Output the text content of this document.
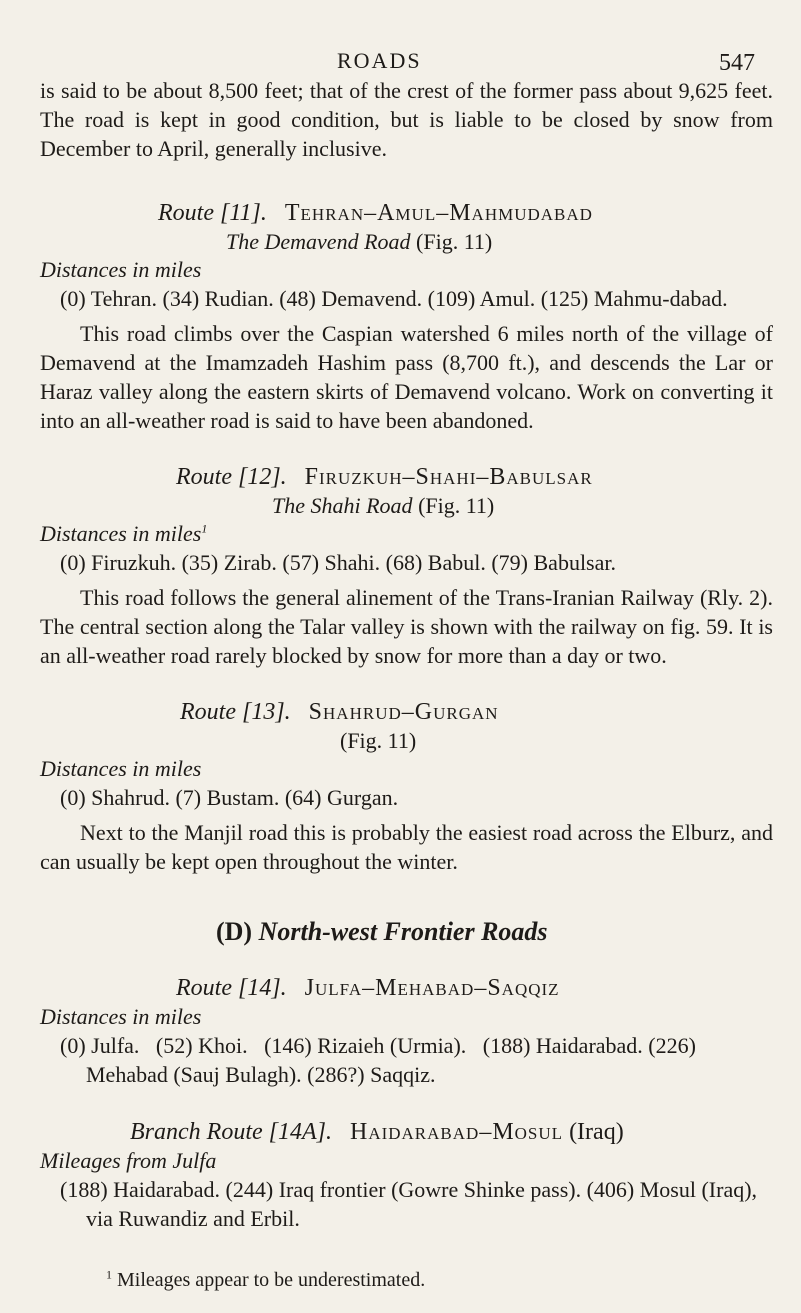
ROADS	547

is said to be about 8,500 feet; that of the crest of the former pass about 9,625 feet. The road is kept in good condition, but is liable to be closed by snow from December to April, generally inclusive.

Route [11]. Tehran–Amul–Mahmudabad

The Demavend Road (Fig. 11)

Distances in miles

(0) Tehran. (34) Rudian. (48) Demavend. (109) Amul. (125) Mahmu-dabad.

This road climbs over the Caspian watershed 6 miles north of the village of Demavend at the Imamzadeh Hashim pass (8,700 ft.), and descends the Lar or Haraz valley along the eastern skirts of Demavend volcano. Work on converting it into an all-weather road is said to have been abandoned.

Route [12]. Firuzkuh–Shahi–Babulsar

The Shahi Road (Fig. 11)

Distances in miles$^1$

(0) Firuzkuh. (35) Zirab. (57) Shahi. (68) Babul. (79) Babulsar.

This road follows the general alinement of the Trans-Iranian Railway (Rly. 2). The central section along the Talar valley is shown with the railway on fig. 59. It is an all-weather road rarely blocked by snow for more than a day or two.

Route [13]. Shahrud–Gurgan

(Fig. 11)

Distances in miles

(0) Shahrud. (7) Bustam. (64) Gurgan.

Next to the Manjil road this is probably the easiest road across the Elburz, and can usually be kept open throughout the winter.

(D) North-west Frontier Roads
Route [14]. Julfa–Mehabad–Saqqiz

Distances in miles

(0) Julfa.   (52) Khoi.   (146) Rizaieh (Urmia).   (188) Haidarabad. (226) Mehabad (Sauj Bulagh). (286?) Saqqiz.

Branch Route [14A]. Haidarabad–Mosul (Iraq)

Mileages from Julfa

(188) Haidarabad. (244) Iraq frontier (Gowre Shinke pass). (406) Mosul (Iraq), via Ruwandiz and Erbil.

$^1$ Mileages appear to be underestimated.
